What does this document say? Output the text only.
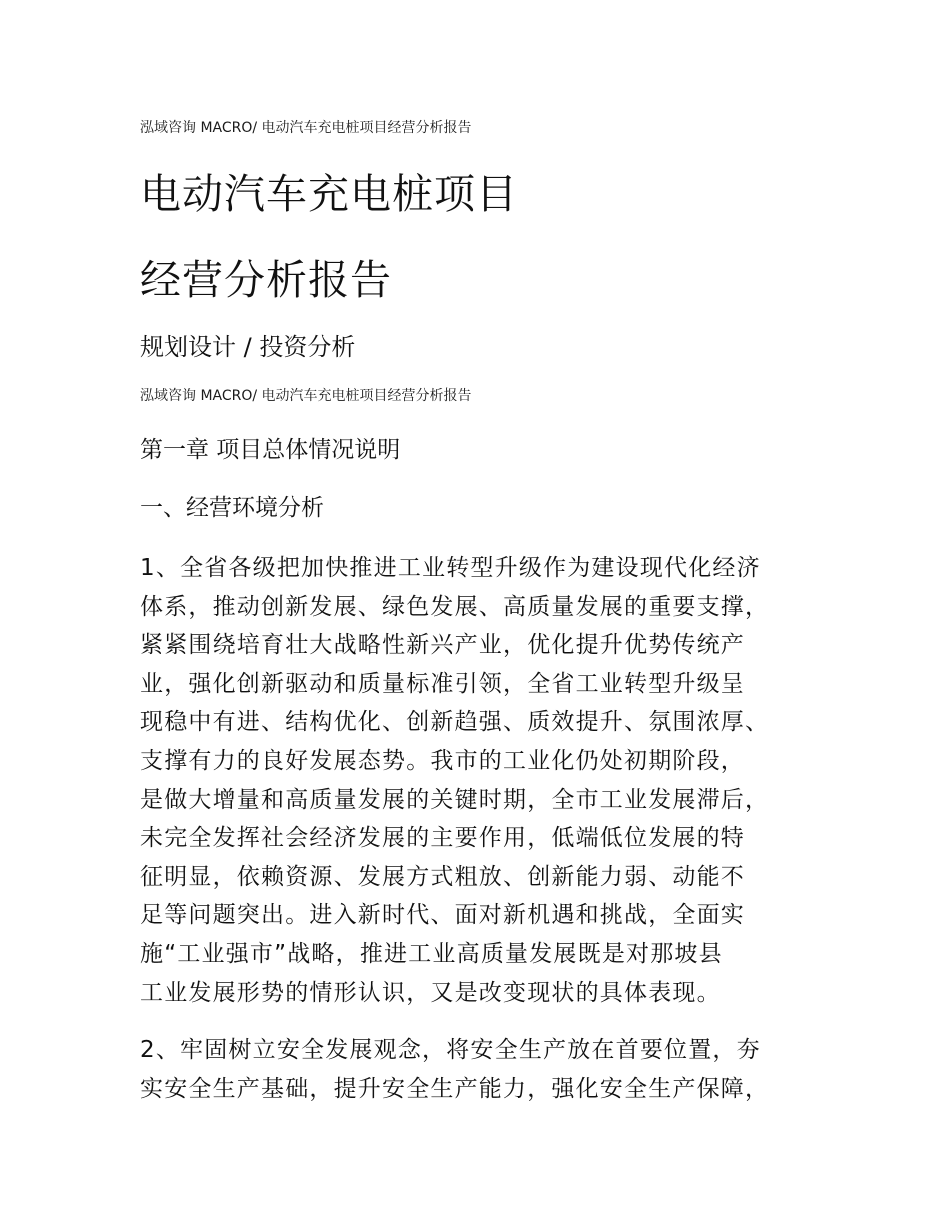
泓域咨询 MACRO/ 电动汽车充电桩项目经营分析报告
电动汽车充电桩项目
经营分析报告
规划设计 / 投资分析
泓域咨询 MACRO/ 电动汽车充电桩项目经营分析报告
第一章 项目总体情况说明
一、经营环境分析
1、全省各级把加快推进工业转型升级作为建设现代化经济
体系，推动创新发展、绿色发展、高质量发展的重要支撑，
紧紧围绕培育壮大战略性新兴产业，优化提升优势传统产
业，强化创新驱动和质量标准引领，全省工业转型升级呈
现稳中有进、结构优化、创新趋强、质效提升、氛围浓厚、
支撑有力的良好发展态势。我市的工业化仍处初期阶段，
是做大增量和高质量发展的关键时期，全市工业发展滞后，
未完全发挥社会经济发展的主要作用，低端低位发展的特
征明显，依赖资源、发展方式粗放、创新能力弱、动能不
足等问题突出。进入新时代、面对新机遇和挑战，全面实
施“工业强市”战略，推进工业高质量发展既是对那坡县
工业发展形势的情形认识，又是改变现状的具体表现。
2、牢固树立安全发展观念，将安全生产放在首要位置，夯
实安全生产基础，提升安全生产能力，强化安全生产保障，
